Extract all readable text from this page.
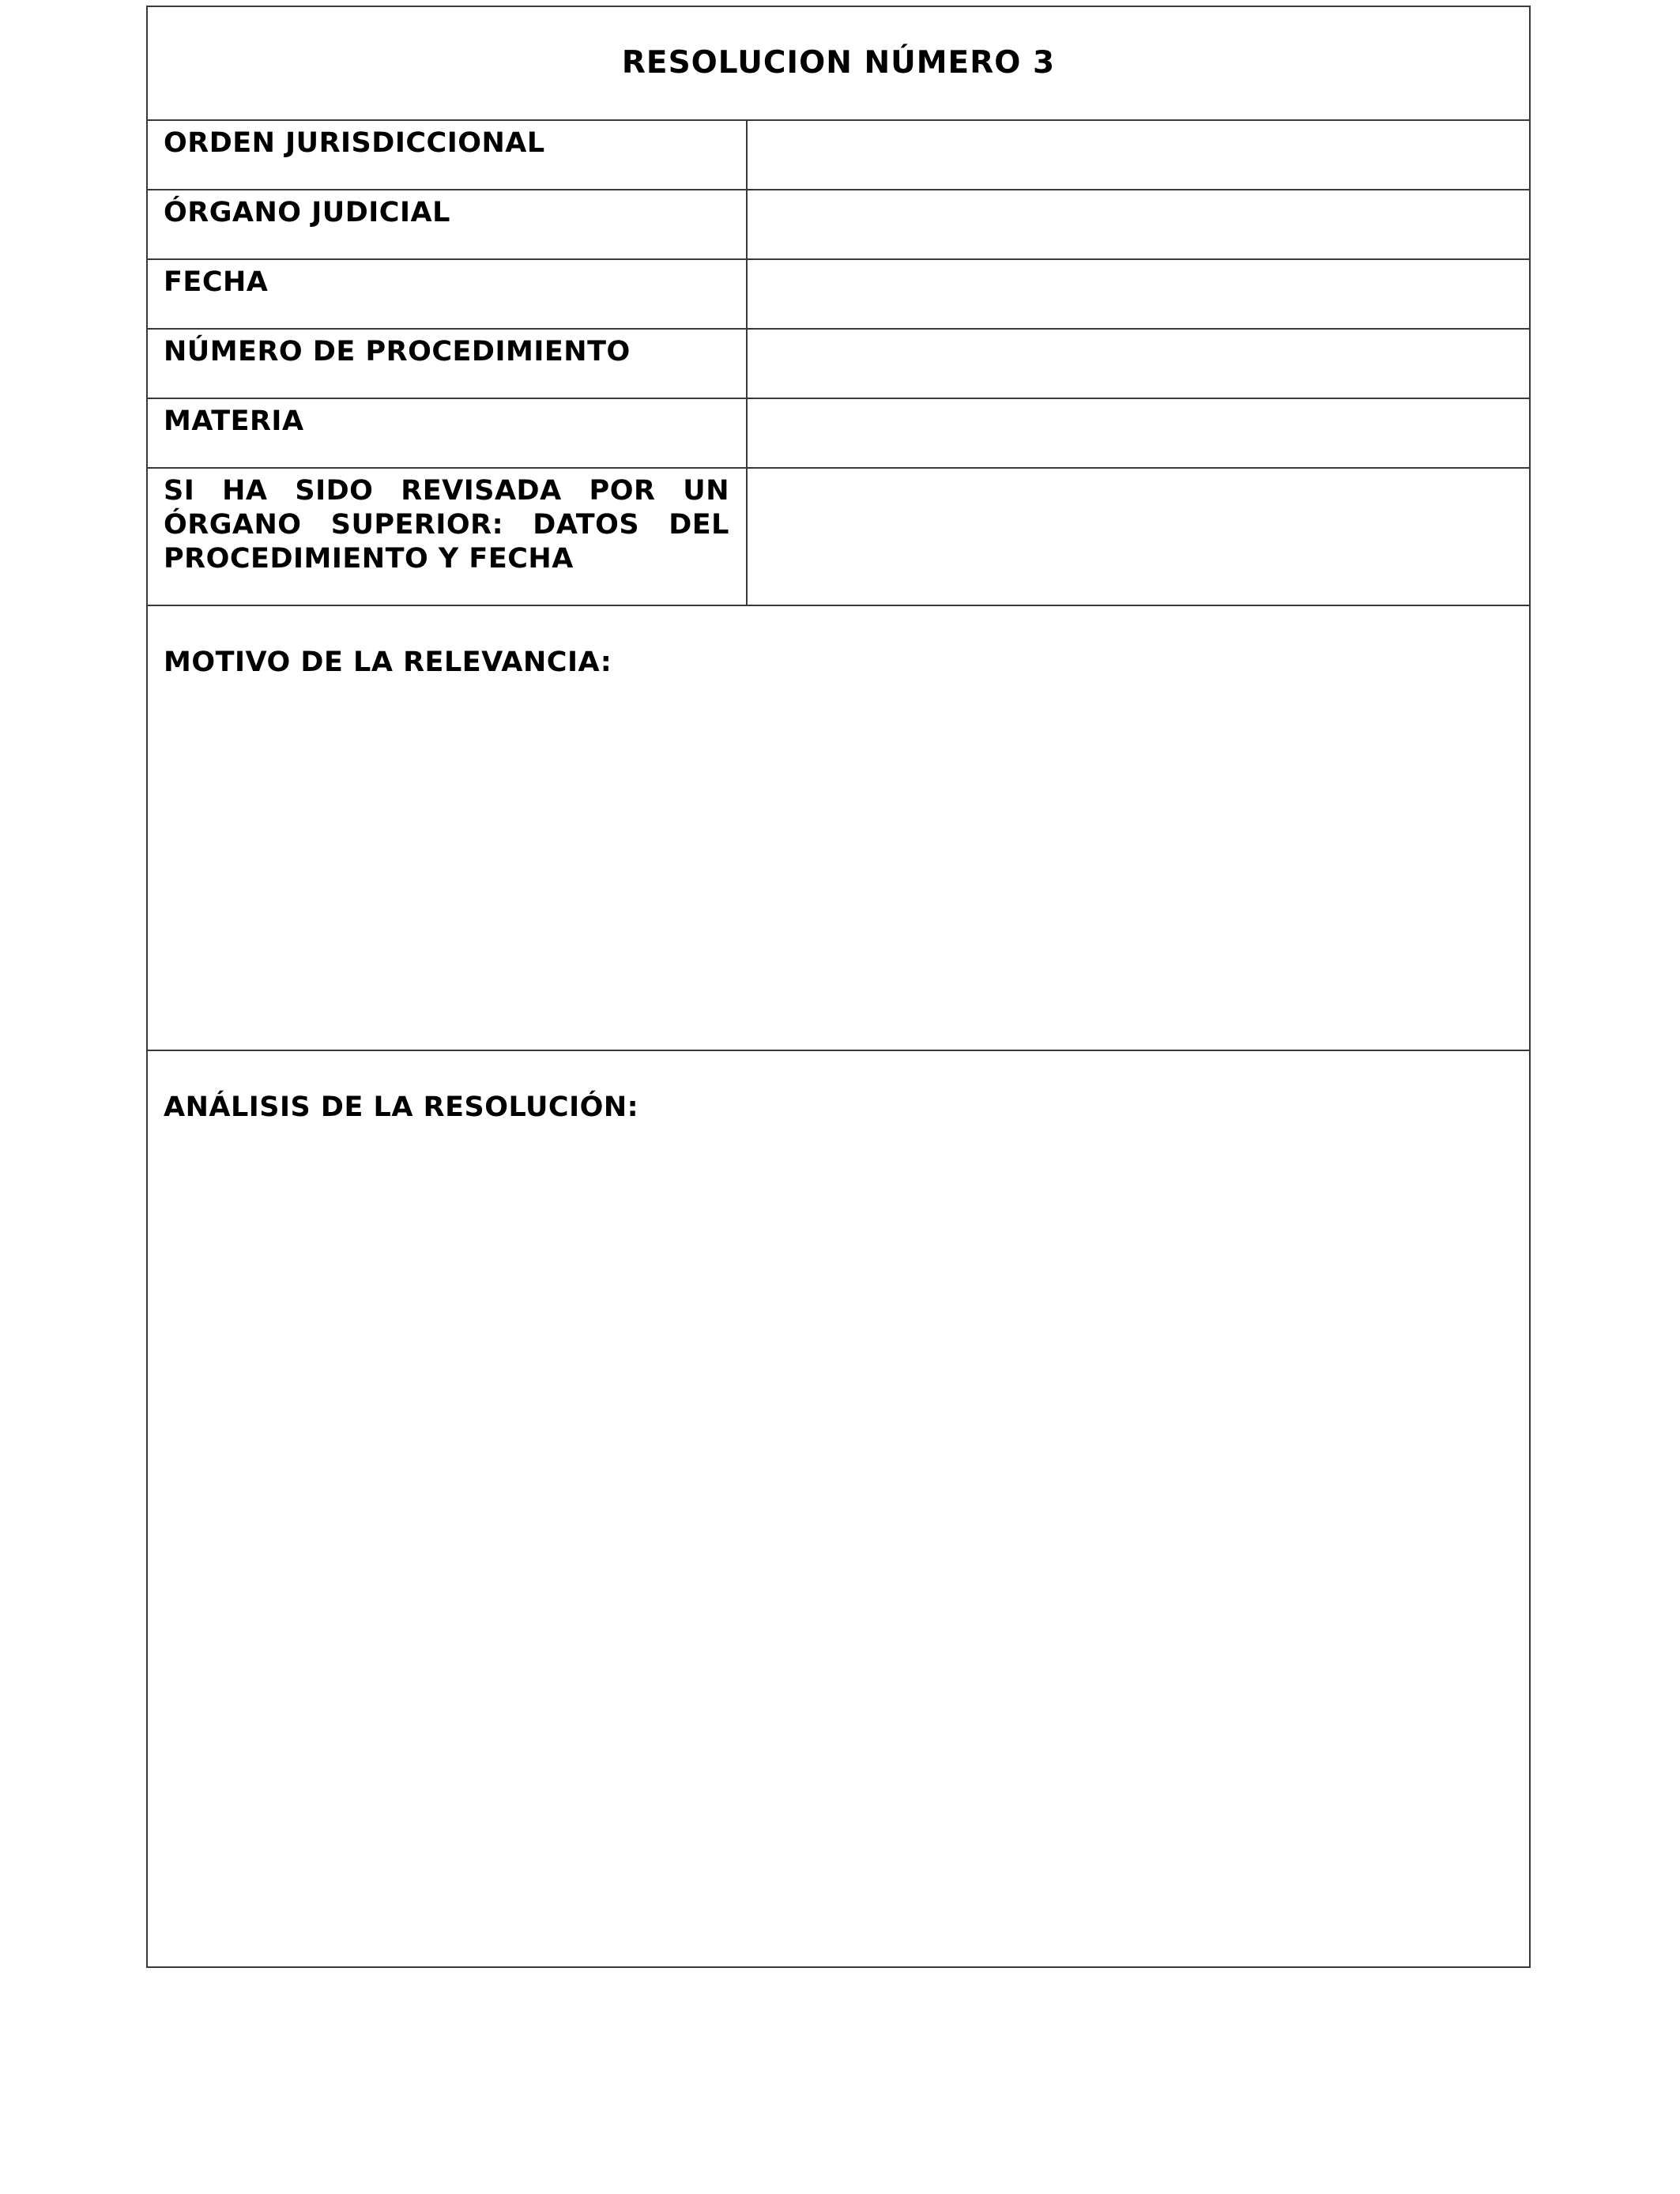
RESOLUCION NÚMERO 3
ORDEN JURISDICCIONAL
ÓRGANO JUDICIAL
FECHA
NÚMERO DE PROCEDIMIENTO
MATERIA
SI HA SIDO REVISADA POR UN ÓRGANO SUPERIOR: DATOS DEL PROCEDIMIENTO Y FECHA
MOTIVO DE LA RELEVANCIA:
ANÁLISIS DE LA RESOLUCIÓN:
